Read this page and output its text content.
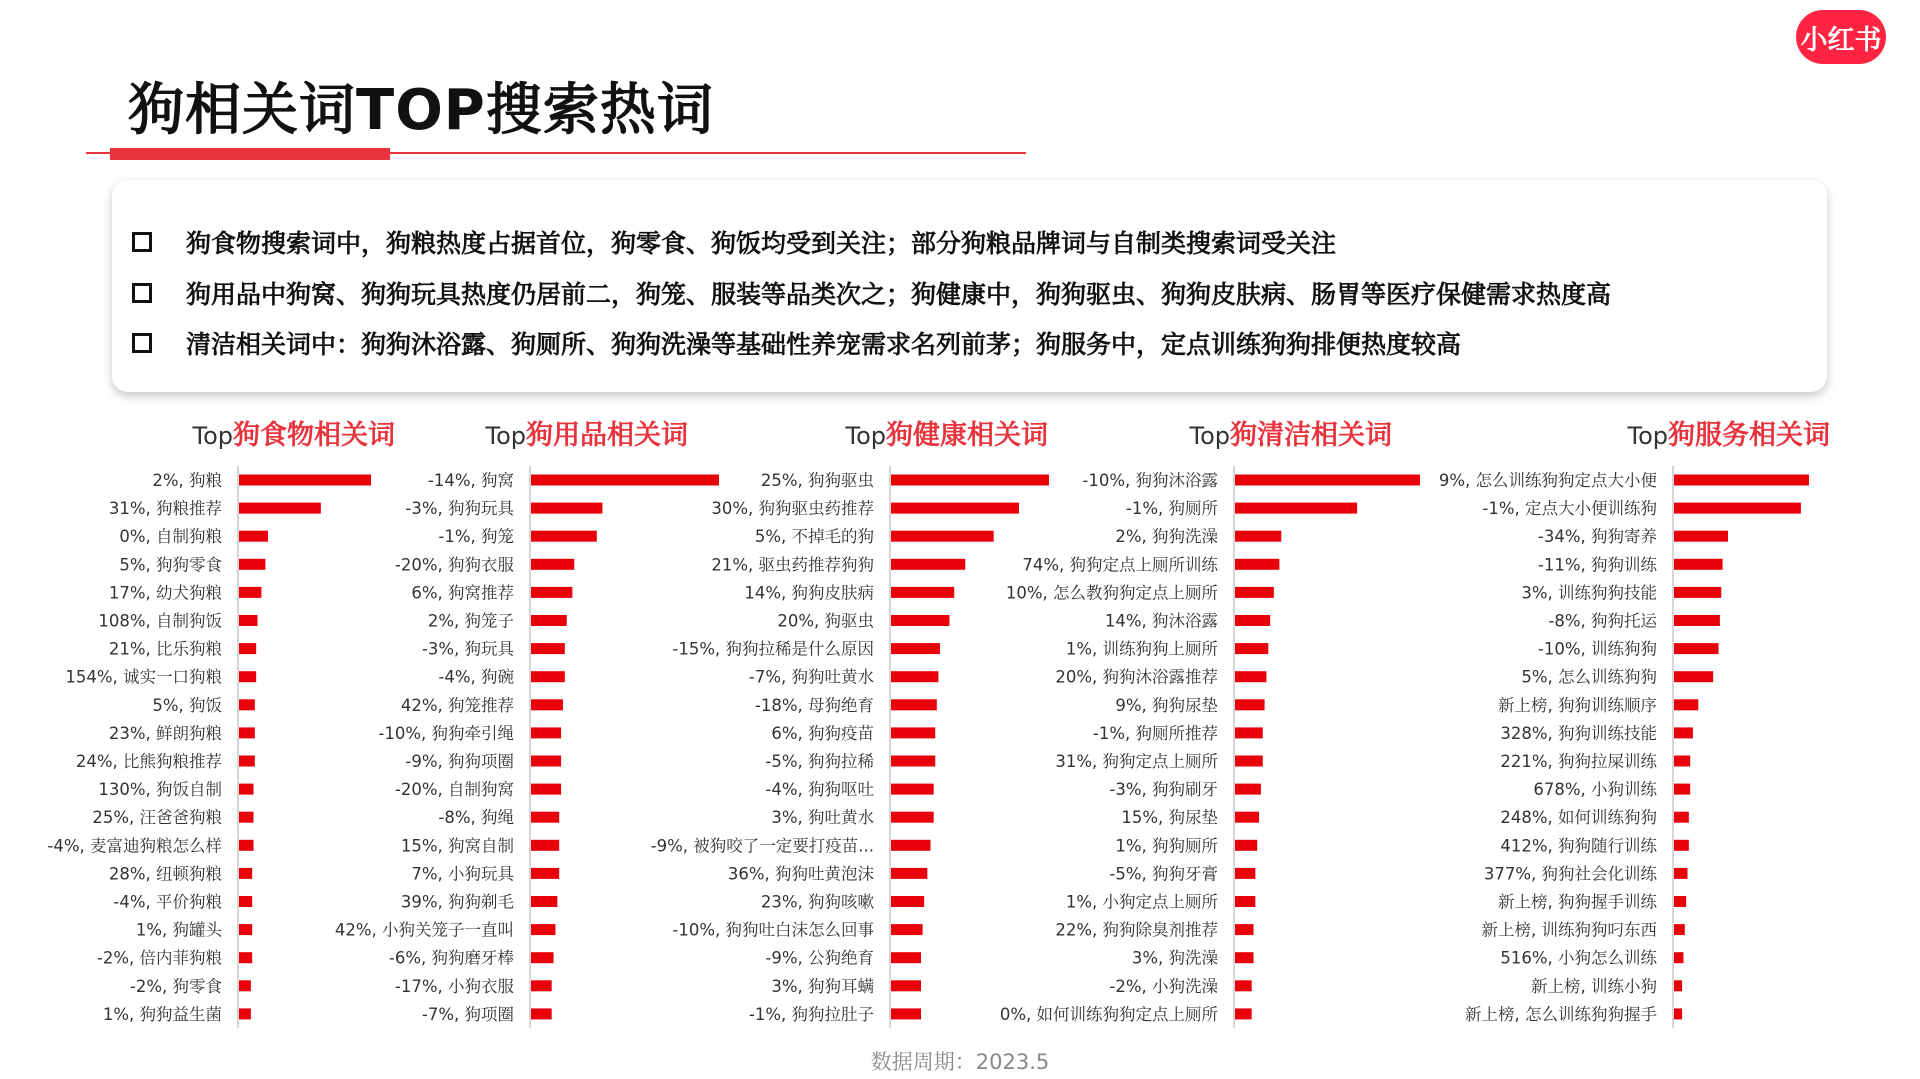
小红书
狗相关词TOP搜索热词
狗食物搜索词中，狗粮热度占据首位，狗零食、狗饭均受到关注；部分狗粮品牌词与自制类搜索词受关注
狗用品中狗窝、狗狗玩具热度仍居前二，狗笼、服装等品类次之；狗健康中，狗狗驱虫、狗狗皮肤病、肠胃等医疗保健需求热度高
清洁相关词中：狗狗沐浴露、狗厕所、狗狗洗澡等基础性养宠需求名列前茅；狗服务中，定点训练狗狗排便热度较高
Top狗食物相关词
2%, 狗粮
31%, 狗粮推荐
0%, 自制狗粮
5%, 狗狗零食
17%, 幼犬狗粮
108%, 自制狗饭
21%, 比乐狗粮
154%, 诚实一口狗粮
5%, 狗饭
23%, 鲜朗狗粮
24%, 比熊狗粮推荐
130%, 狗饭自制
25%, 汪爸爸狗粮
-4%, 麦富迪狗粮怎么样
28%, 纽顿狗粮
-4%, 平价狗粮
1%, 狗罐头
-2%, 倍内菲狗粮
-2%, 狗零食
1%, 狗狗益生菌
Top狗用品相关词
-14%, 狗窝
-3%, 狗狗玩具
-1%, 狗笼
-20%, 狗狗衣服
6%, 狗窝推荐
2%, 狗笼子
-3%, 狗玩具
-4%, 狗碗
42%, 狗笼推荐
-10%, 狗狗牵引绳
-9%, 狗狗项圈
-20%, 自制狗窝
-8%, 狗绳
15%, 狗窝自制
7%, 小狗玩具
39%, 狗狗剃毛
42%, 小狗关笼子一直叫
-6%, 狗狗磨牙棒
-17%, 小狗衣服
-7%, 狗项圈
Top狗健康相关词
25%, 狗狗驱虫
30%, 狗狗驱虫药推荐
5%, 不掉毛的狗
21%, 驱虫药推荐狗狗
14%, 狗狗皮肤病
20%, 狗驱虫
-15%, 狗狗拉稀是什么原因
-7%, 狗狗吐黄水
-18%, 母狗绝育
6%, 狗狗疫苗
-5%, 狗狗拉稀
-4%, 狗狗呕吐
3%, 狗吐黄水
-9%, 被狗咬了一定要打疫苗...
36%, 狗狗吐黄泡沫
23%, 狗狗咳嗽
-10%, 狗狗吐白沫怎么回事
-9%, 公狗绝育
3%, 狗狗耳螨
-1%, 狗狗拉肚子
Top狗清洁相关词
-10%, 狗狗沐浴露
-1%, 狗厕所
2%, 狗狗洗澡
74%, 狗狗定点上厕所训练
10%, 怎么教狗狗定点上厕所
14%, 狗沐浴露
1%, 训练狗狗上厕所
20%, 狗狗沐浴露推荐
9%, 狗狗尿垫
-1%, 狗厕所推荐
31%, 狗狗定点上厕所
-3%, 狗狗刷牙
15%, 狗尿垫
1%, 狗狗厕所
-5%, 狗狗牙膏
1%, 小狗定点上厕所
22%, 狗狗除臭剂推荐
3%, 狗洗澡
-2%, 小狗洗澡
0%, 如何训练狗狗定点上厕所
Top狗服务相关词
9%, 怎么训练狗狗定点大小便
-1%, 定点大小便训练狗
-34%, 狗狗寄养
-11%, 狗狗训练
3%, 训练狗狗技能
-8%, 狗狗托运
-10%, 训练狗狗
5%, 怎么训练狗狗
新上榜, 狗狗训练顺序
328%, 狗狗训练技能
221%, 狗狗拉屎训练
678%, 小狗训练
248%, 如何训练狗狗
412%, 狗狗随行训练
377%, 狗狗社会化训练
新上榜, 狗狗握手训练
新上榜, 训练狗狗叼东西
516%, 小狗怎么训练
新上榜, 训练小狗
新上榜, 怎么训练狗狗握手
数据周期：2023.5
